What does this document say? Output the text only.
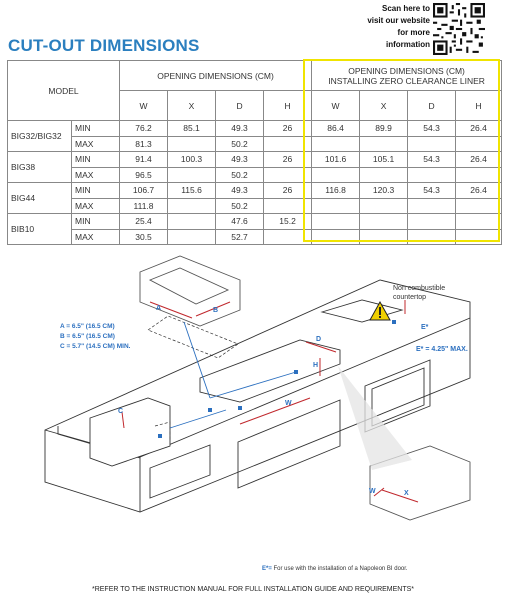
CUT-OUT DIMENSIONS
Scan here to
visit our website
for more
information
MODEL		OPENING DIMENSIONS (CM)				OPENING DIMENSIONS (CM)
INSTALLING ZERO CLEARANCE LINER			

		W	X	D	H	W	X	D	H
BIG32/BIG32	MIN	76.2	85.1	49.3	26	86.4	89.9	54.3	26.4
	MAX	81.3		50.2					
BIG38	MIN	91.4	100.3	49.3	26	101.6	105.1	54.3	26.4
	MAX	96.5		50.2					
BIG44	MIN	106.7	115.6	49.3	26	116.8	120.3	54.3	26.4
	MAX	111.8		50.2					
BIB10	MIN	25.4		47.6	15.2				
	MAX	30.5		52.7					
A = 6.5" (16.5 CM)
B = 6.5" (16.5 CM)
C = 5.7" (14.5 CM) MIN.
Non combustible
countertop
E*
E* = 4.25" MAX.
A	B
C
D
H
W
W	X
E*= For use with the installation of a Napoleon BI door.
*REFER TO THE INSTRUCTION MANUAL FOR FULL INSTALLATION GUIDE AND REQUIREMENTS*
